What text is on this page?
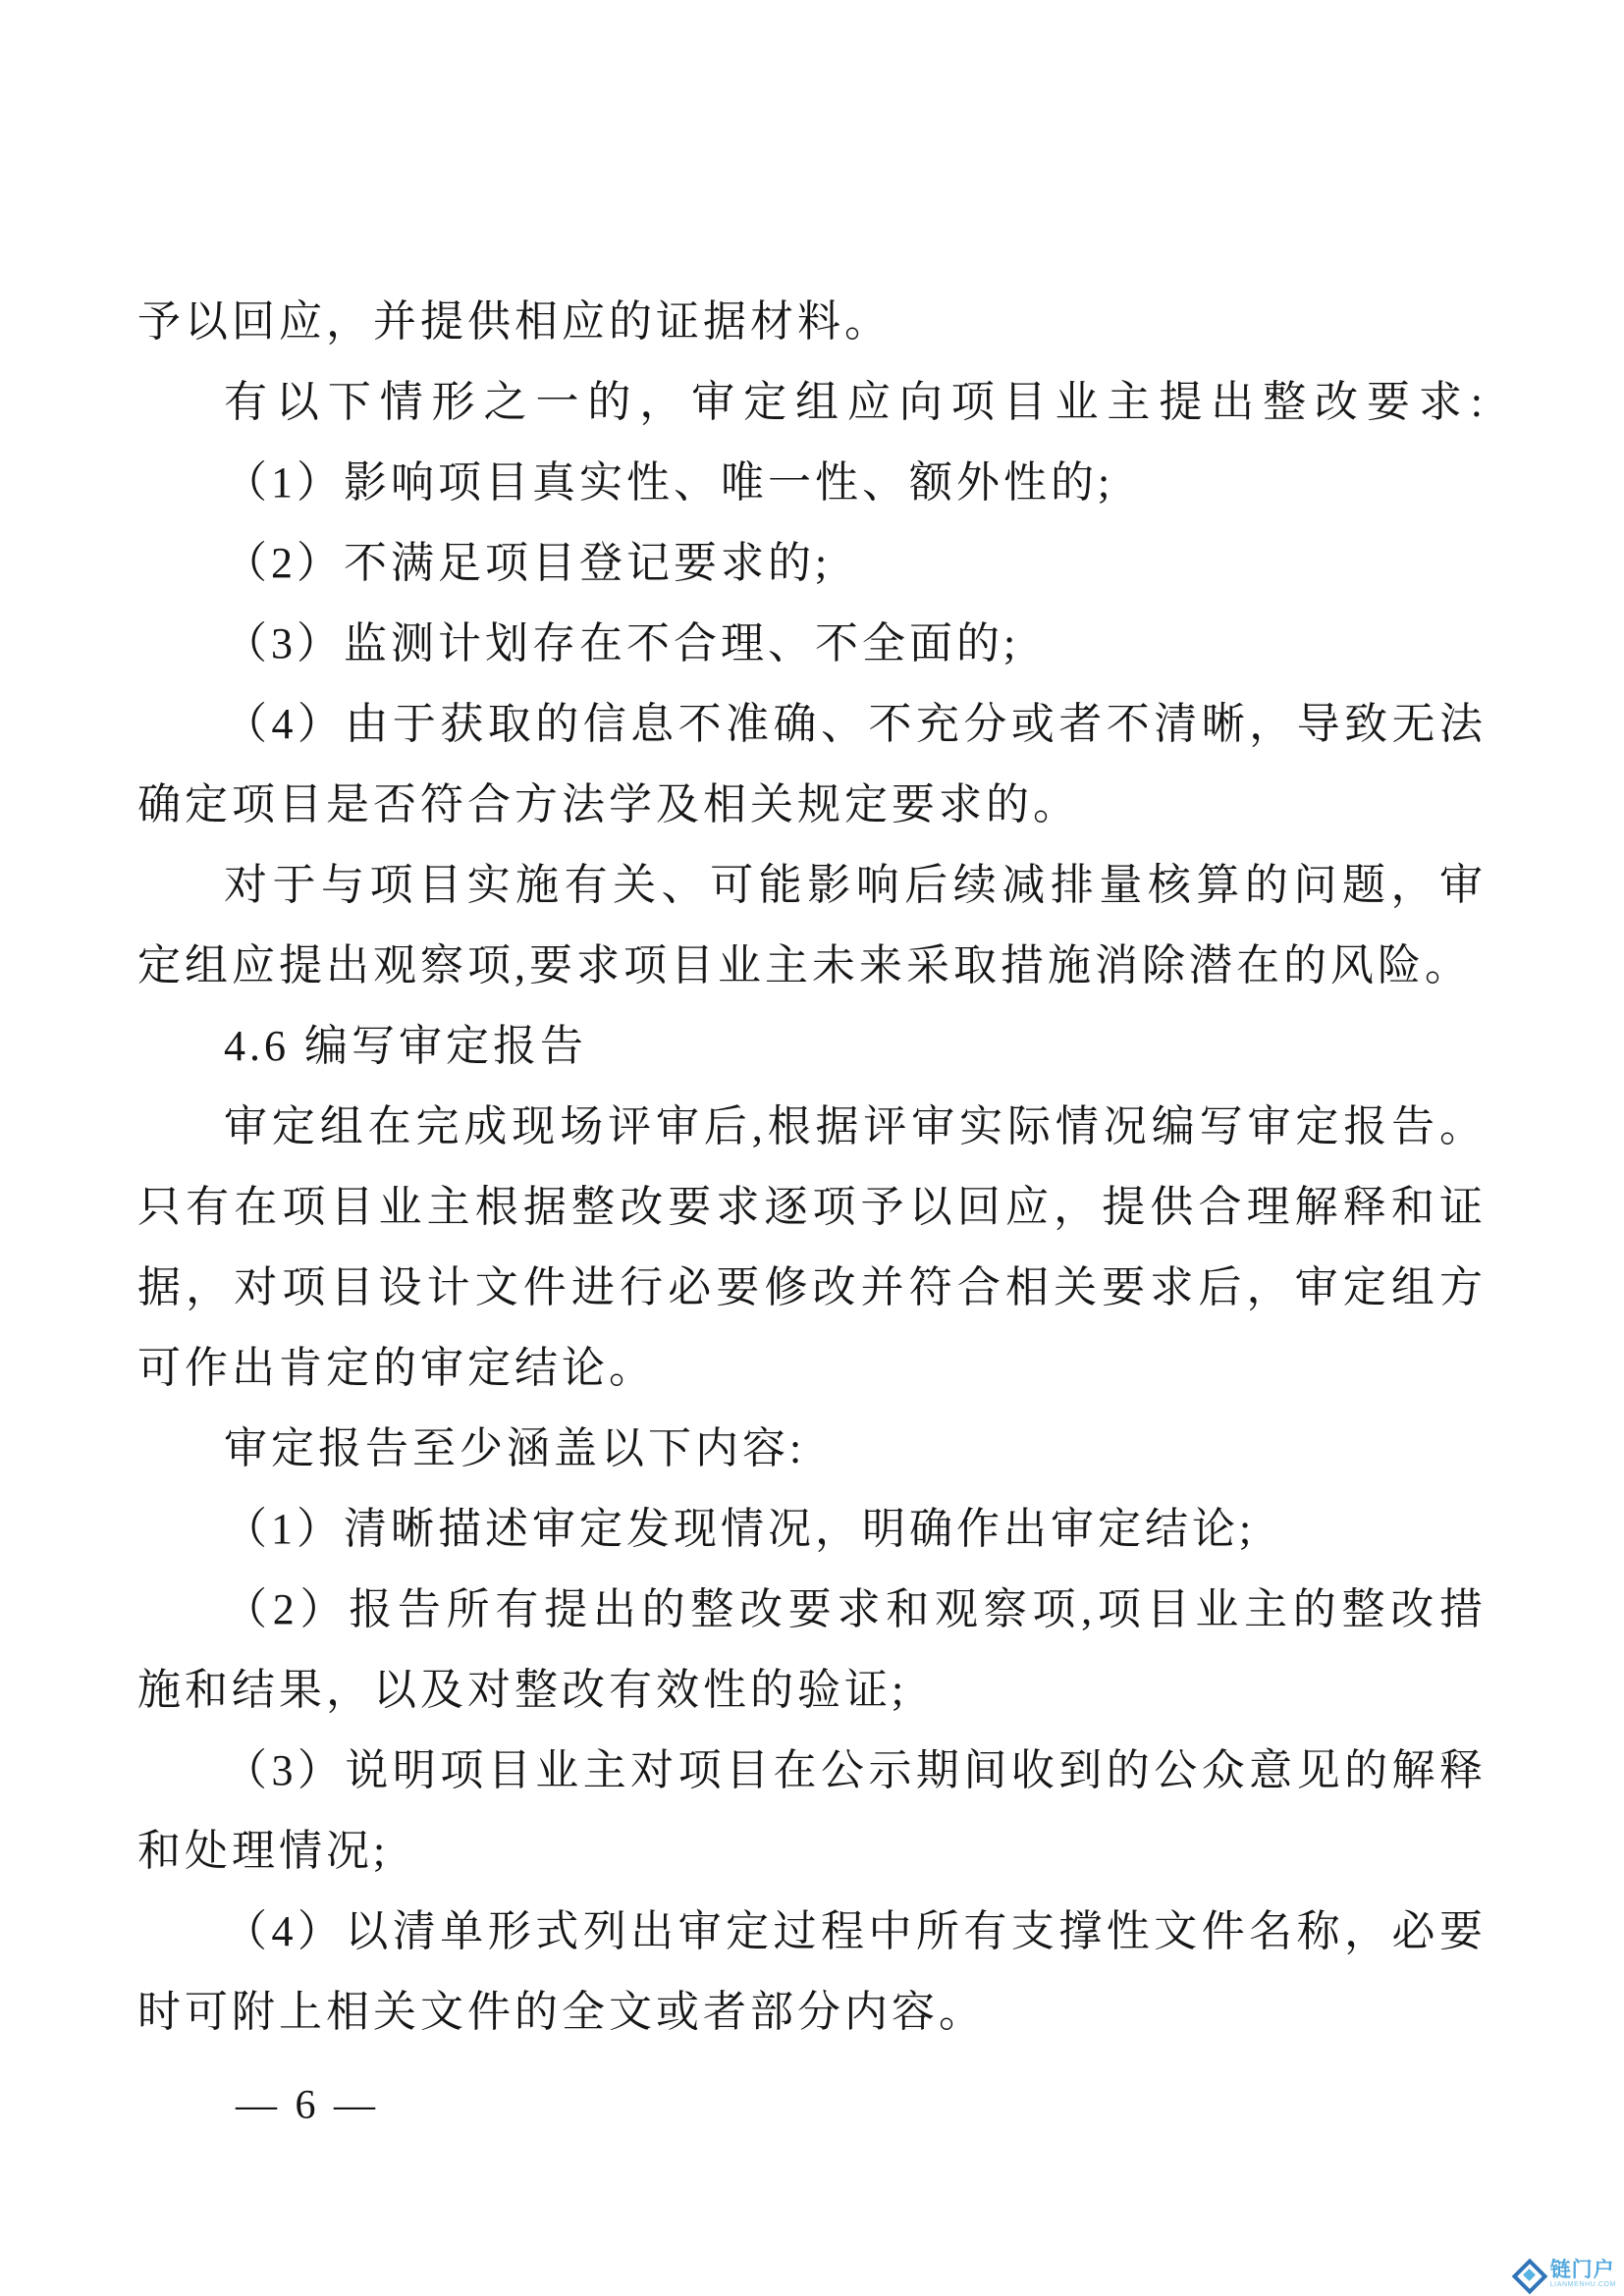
予以回应，并提供相应的证据材料。

有以下情形之一的，审定组应向项目业主提出整改要求:

（1）影响项目真实性、唯一性、额外性的;

（2）不满足项目登记要求的;

（3）监测计划存在不合理、不全面的;

（4）由于获取的信息不准确、不充分或者不清晰，导致无法确定项目是否符合方法学及相关规定要求的。

对于与项目实施有关、可能影响后续减排量核算的问题，审定组应提出观察项,要求项目业主未来采取措施消除潜在的风险。

4.6 编写审定报告

审定组在完成现场评审后,根据评审实际情况编写审定报告。只有在项目业主根据整改要求逐项予以回应，提供合理解释和证据，对项目设计文件进行必要修改并符合相关要求后，审定组方可作出肯定的审定结论。

审定报告至少涵盖以下内容:

（1）清晰描述审定发现情况，明确作出审定结论;

（2）报告所有提出的整改要求和观察项,项目业主的整改措施和结果，以及对整改有效性的验证;

（3）说明项目业主对项目在公示期间收到的公众意见的解释和处理情况;

（4）以清单形式列出审定过程中所有支撑性文件名称，必要时可附上相关文件的全文或者部分内容。

— 6 —
链门户
LIANMENHU.COM
